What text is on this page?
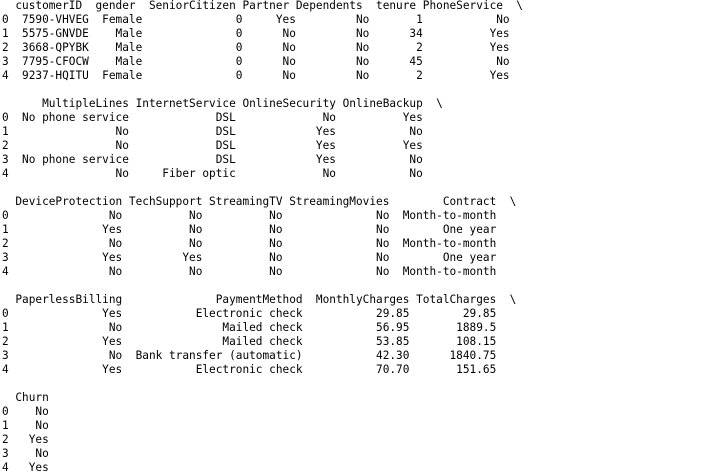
customerID  gender  SeniorCitizen Partner Dependents  tenure PhoneService  \
0  7590-VHVEG  Female              0     Yes         No       1           No
1  5575-GNVDE    Male              0      No         No      34          Yes
2  3668-QPYBK    Male              0      No         No       2          Yes
3  7795-CFOCW    Male              0      No         No      45           No
4  9237-HQITU  Female              0      No         No       2          Yes
MultipleLines InternetService OnlineSecurity OnlineBackup  \
0  No phone service             DSL             No          Yes
1                No             DSL            Yes           No
2                No             DSL            Yes          Yes
3  No phone service             DSL            Yes           No
4                No     Fiber optic             No           No
DeviceProtection TechSupport StreamingTV StreamingMovies        Contract  \
0               No          No          No              No  Month-to-month
1              Yes          No          No              No        One year
2               No          No          No              No  Month-to-month
3              Yes         Yes          No              No        One year
4               No          No          No              No  Month-to-month
PaperlessBilling              PaymentMethod  MonthlyCharges TotalCharges  \
0              Yes           Electronic check           29.85        29.85
1               No               Mailed check           56.95       1889.5
2              Yes               Mailed check           53.85       108.15
3               No  Bank transfer (automatic)           42.30      1840.75
4              Yes           Electronic check           70.70       151.65
Churn
0    No
1    No
2   Yes
3    No
4   Yes
